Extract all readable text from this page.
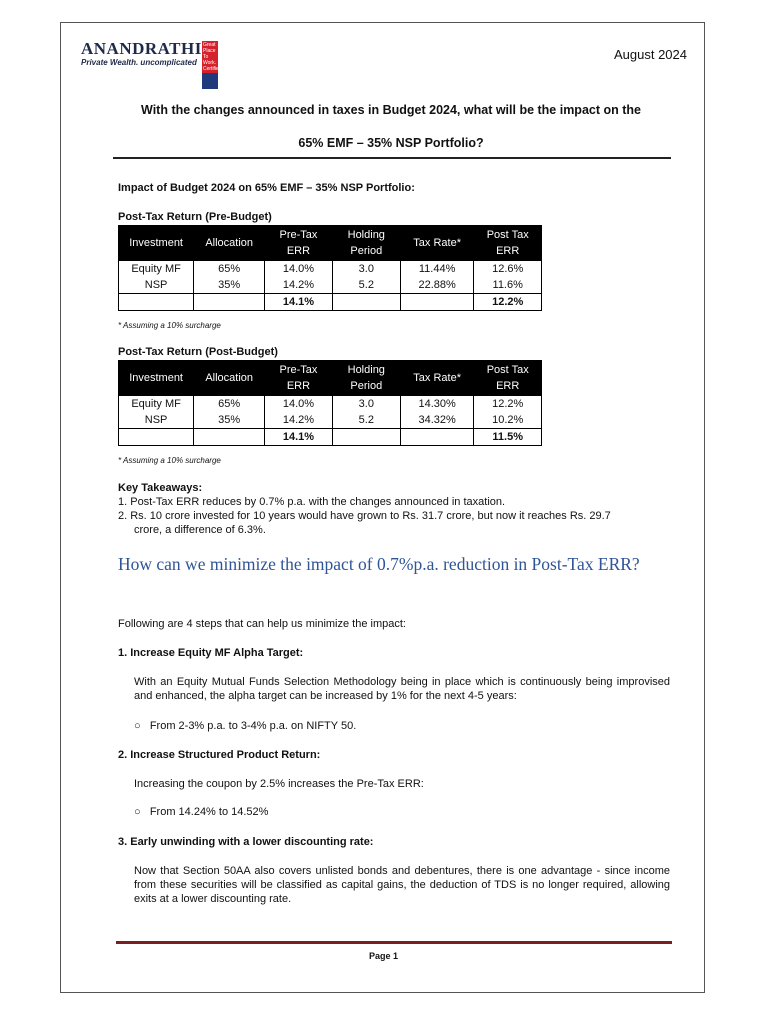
ANANDRATHI
Private Wealth. uncomplicated
Great
Place
To
Work.
Certified
August 2024
With the changes announced in taxes in Budget 2024, what will be the impact on the
65% EMF – 35% NSP Portfolio?
Impact of Budget 2024 on 65% EMF – 35% NSP Portfolio:
Post-Tax Return (Pre-Budget)
Investment	Allocation	Pre-Tax ERR	Holding Period	Tax Rate*	Post Tax ERR
Equity MF	65%	14.0%	3.0	11.44%	12.6%
NSP	35%	14.2%	5.2	22.88%	11.6%
		14.1%			12.2%
* Assuming a 10% surcharge
Post-Tax Return (Post-Budget)
Investment	Allocation	Pre-Tax ERR	Holding Period	Tax Rate*	Post Tax ERR
Equity MF	65%	14.0%	3.0	14.30%	12.2%
NSP	35%	14.2%	5.2	34.32%	10.2%
		14.1%			11.5%
* Assuming a 10% surcharge
Key Takeaways:
1. Post-Tax ERR reduces by 0.7% p.a. with the changes announced in taxation.
2. Rs. 10 crore invested for 10 years would have grown to Rs. 31.7 crore, but now it reaches Rs. 29.7
crore, a difference of 6.3%.
How can we minimize the impact of 0.7%p.a. reduction in Post-Tax ERR?
Following are 4 steps that can help us minimize the impact:
1. Increase Equity MF Alpha Target:
With an Equity Mutual Funds Selection Methodology being in place which is continuously being improvised and enhanced, the alpha target can be increased by 1% for the next 4-5 years:
○   From 2-3% p.a. to 3-4% p.a. on NIFTY 50.
2. Increase Structured Product Return:
Increasing the coupon by 2.5% increases the Pre-Tax ERR:
○   From 14.24% to 14.52%
3. Early unwinding with a lower discounting rate:
Now that Section 50AA also covers unlisted bonds and debentures, there is one advantage - since income from these securities will be classified as capital gains, the deduction of TDS is no longer required, allowing exits at a lower discounting rate.
Page 1
